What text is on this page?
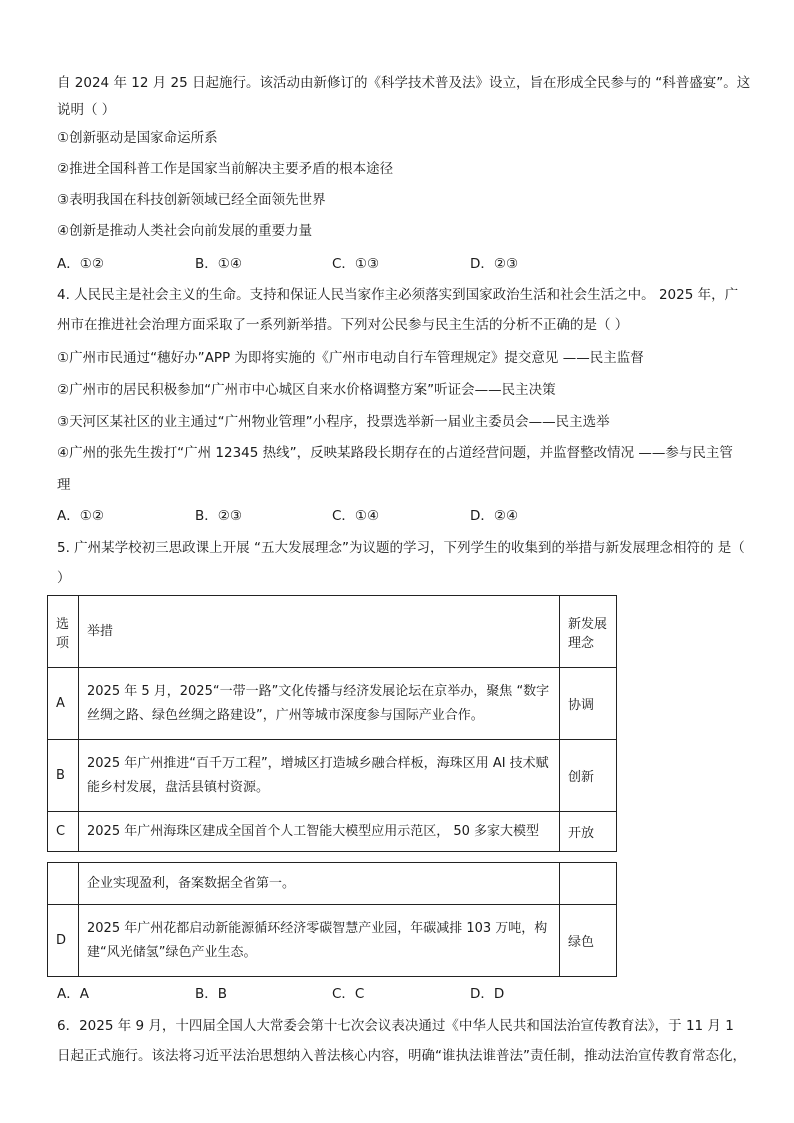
自 2024 年 12 月 25 日起施行。该活动由新修订的《科学技术普及法》设立，旨在形成全民参与的 “科普盛宴”。这
说明（ ）
①创新驱动是国家命运所系
②推进全国科普工作是国家当前解决主要矛盾的根本途径
③表明我国在科技创新领域已经全面领先世界
④创新是推动人类社会向前发展的重要力量
A．①②	B．①④	C．①③	D．②③
4. 人民民主是社会主义的生命。支持和保证人民当家作主必须落实到国家政治生活和社会生活之中。 2025 年，广
州市在推进社会治理方面采取了一系列新举措。下列对公民参与民主生活的分析不正确的是（ ）
①广州市民通过“穗好办”APP 为即将实施的《广州市电动自行车管理规定》提交意见 ——民主监督
②广州市的居民积极参加“广州市中心城区自来水价格调整方案”听证会——民主决策
③天河区某社区的业主通过“广州物业管理”小程序，投票选举新一届业主委员会——民主选举
④广州的张先生拨打“广州 12345 热线”，反映某路段长期存在的占道经营问题，并监督整改情况 ——参与民主管
理
A．①②	B．②③	C．①④	D．②④
5. 广州某学校初三思政课上开展 “五大发展理念”为议题的学习，下列学生的收集到的举措与新发展理念相符的 是（
）
选项	举措	新发展理念
A	2025 年 5 月，2025“一带一路”文化传播与经济发展论坛在京举办，聚焦 “数字丝绸之路、绿色丝绸之路建设”，广州等城市深度参与国际产业合作。	协调
B	2025 年广州推进“百千万工程”，增城区打造城乡融合样板，海珠区用 AI 技术赋能乡村发展，盘活县镇村资源。	创新
C	2025 年广州海珠区建成全国首个人工智能大模型应用示范区， 50 多家大模型	开放
	企业实现盈利，备案数据全省第一。	
D	2025 年广州花都启动新能源循环经济零碳智慧产业园，年碳减排 103 万吨，构建“风光储氢”绿色产业生态。	绿色
A．A	B．B	C．C	D．D
6．2025 年 9 月，十四届全国人大常委会第十七次会议表决通过《中华人民共和国法治宣传教育法》，于 11 月 1
日起正式施行。该法将习近平法治思想纳入普法核心内容，明确“谁执法谁普法”责任制，推动法治宣传教育常态化，
